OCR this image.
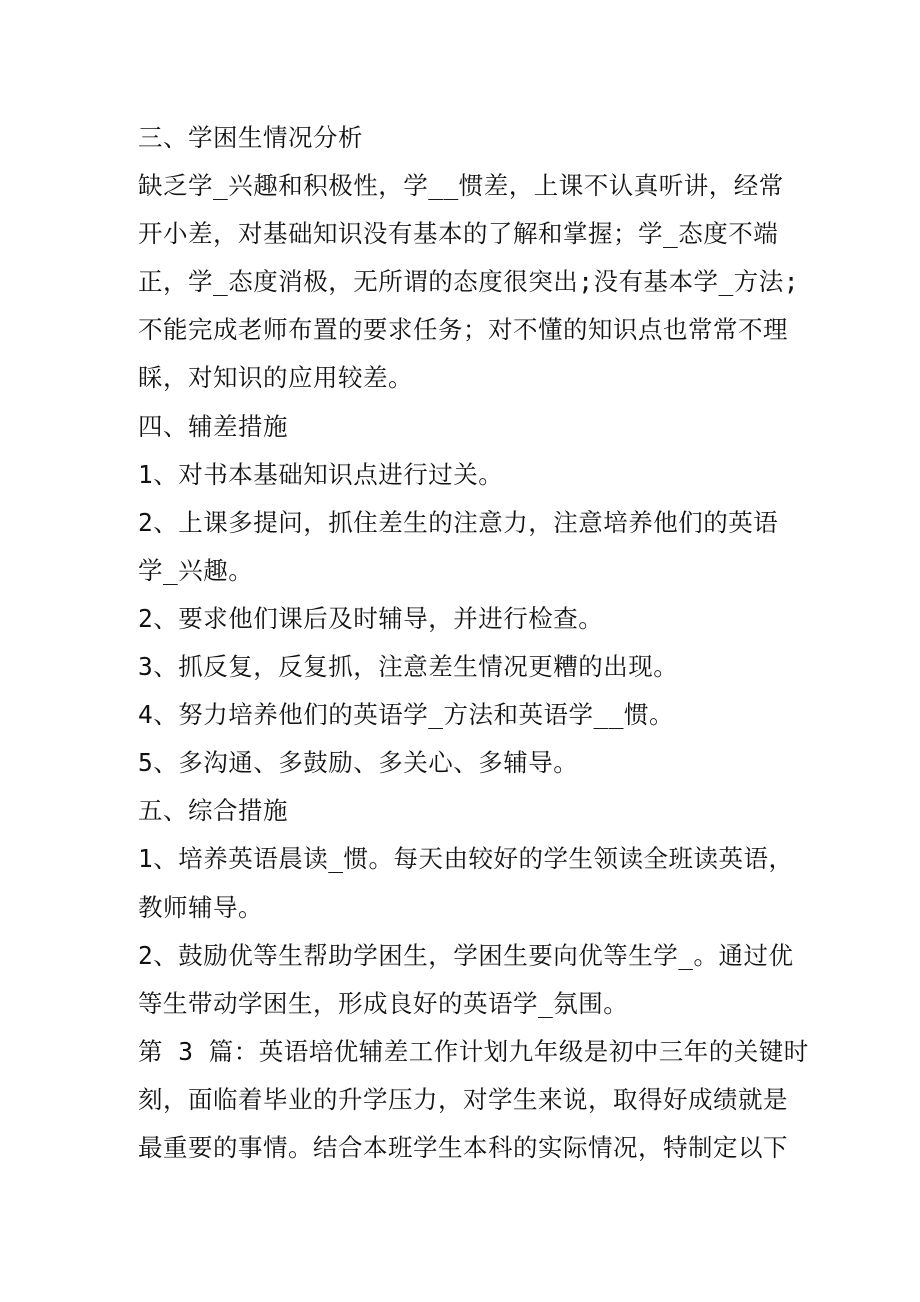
三、学困生情况分析

缺乏学_兴趣和积极性，学__惯差，上课不认真听讲，经常

开小差，对基础知识没有基本的了解和掌握；学_态度不端

正，学_态度消极，无所谓的态度很突出;没有基本学_方法;

不能完成老师布置的要求任务；对不懂的知识点也常常不理

睬，对知识的应用较差。

四、辅差措施

1、对书本基础知识点进行过关。

2、上课多提问，抓住差生的注意力，注意培养他们的英语

学_兴趣。

2、要求他们课后及时辅导，并进行检查。

3、抓反复，反复抓，注意差生情况更糟的出现。

4、努力培养他们的英语学_方法和英语学__惯。

5、多沟通、多鼓励、多关心、多辅导。

五、综合措施

1、培养英语晨读_惯。每天由较好的学生领读全班读英语，

教师辅导。

2、鼓励优等生帮助学困生，学困生要向优等生学_。通过优

等生带动学困生，形成良好的英语学_氛围。

第 3 篇：英语培优辅差工作计划九年级是初中三年的关键时

刻，面临着毕业的升学压力，对学生来说，取得好成绩就是

最重要的事情。结合本班学生本科的实际情况，特制定以下
